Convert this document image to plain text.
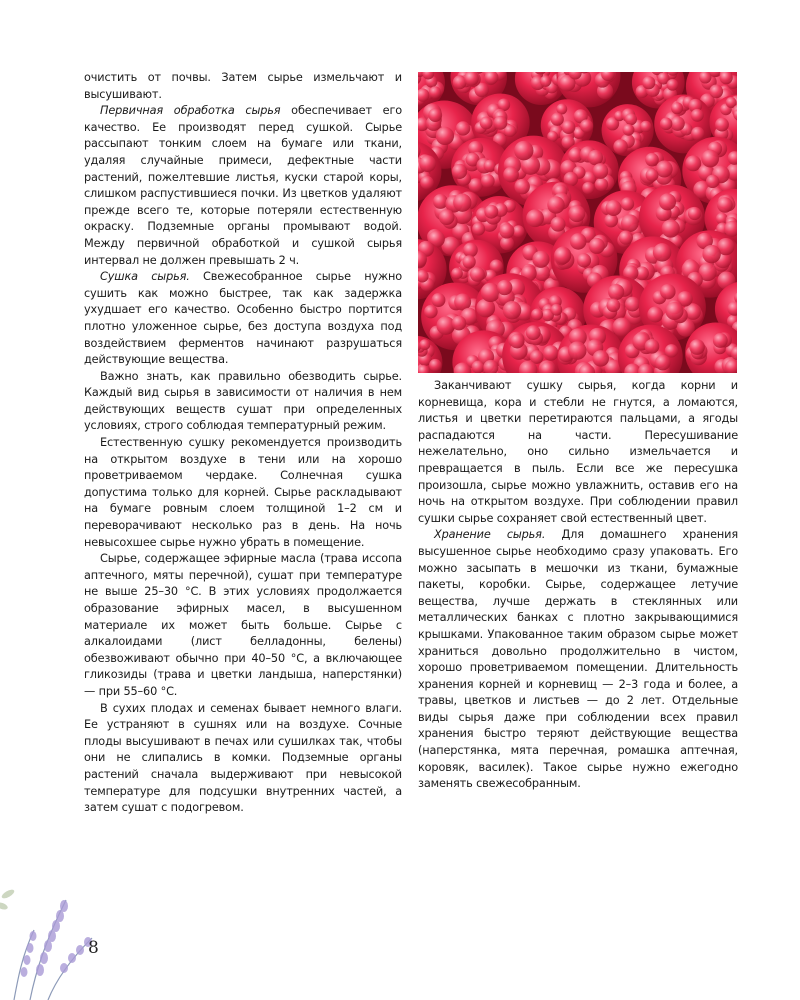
очистить от почвы. Затем сырье измельчают и высушивают.

Первичная обработка сырья обеспечивает его качество. Ее производят перед сушкой. Сырье рассыпают тонким слоем на бумаге или ткани, удаляя случайные примеси, дефектные части растений, пожелтевшие листья, куски старой коры, слишком распустившиеся почки. Из цветков удаляют прежде всего те, которые потеряли естественную окраску. Подземные органы промывают водой. Между первичной обработкой и сушкой сырья интервал не должен превышать 2 ч.

Сушка сырья. Свежесобранное сырье нужно сушить как можно быстрее, так как задержка ухудшает его качество. Особенно быстро портится плотно уложенное сырье, без доступа воздуха под воздействием ферментов начинают разрушаться действующие вещества.

Важно знать, как правильно обезводить сырье. Каждый вид сырья в зависимости от наличия в нем действующих веществ сушат при определенных условиях, строго соблюдая температурный режим.

Естественную сушку рекомендуется производить на открытом воздухе в тени или на хорошо проветриваемом чердаке. Солнечная сушка допустима только для корней. Сырье раскладывают на бумаге ровным слоем толщиной 1–2 см и переворачивают несколько раз в день. На ночь невысохшее сырье нужно убрать в помещение.

Сырье, содержащее эфирные масла (трава иссопа аптечного, мяты перечной), сушат при температуре не выше 25–30 °С. В этих условиях продолжается образование эфирных масел, в высушенном материале их может быть больше. Сырье с алкалоидами (лист белладонны, белены) обезвоживают обычно при 40–50 °С, а включающее гликозиды (трава и цветки ландыша, наперстянки) — при 55–60 °С.

В сухих плодах и семенах бывает немного влаги. Ее устраняют в сушнях или на воздухе. Сочные плоды высушивают в печах или сушилках так, чтобы они не слипались в комки. Подземные органы растений сначала выдерживают при невысокой температуре для подсушки внутренних частей, а затем сушат с подогревом.

Заканчивают сушку сырья, когда корни и корневища, кора и стебли не гнутся, а ломаются, листья и цветки перетираются пальцами, а ягоды распадаются на части. Пересушивание нежелательно, оно сильно измельчается и превращается в пыль. Если все же пересушка произошла, сырье можно увлажнить, оставив его на ночь на открытом воздухе. При соблюдении правил сушки сырье сохраняет свой естественный цвет.

Хранение сырья. Для домашнего хранения высушенное сырье необходимо сразу упаковать. Его можно засыпать в мешочки из ткани, бумажные пакеты, коробки. Сырье, содержащее летучие вещества, лучше держать в стеклянных или металлических банках с плотно закрывающимися крышками. Упакованное таким образом сырье может храниться довольно продолжительно в чистом, хорошо проветриваемом помещении. Длительность хранения корней и корневищ — 2–3 года и более, а травы, цветков и листьев — до 2 лет. Отдельные виды сырья даже при соблюдении всех правил хранения быстро теряют действующие вещества (наперстянка, мята перечная, ромашка аптечная, коровяк, василек). Такое сырье нужно ежегодно заменять свежесобранным.

8
